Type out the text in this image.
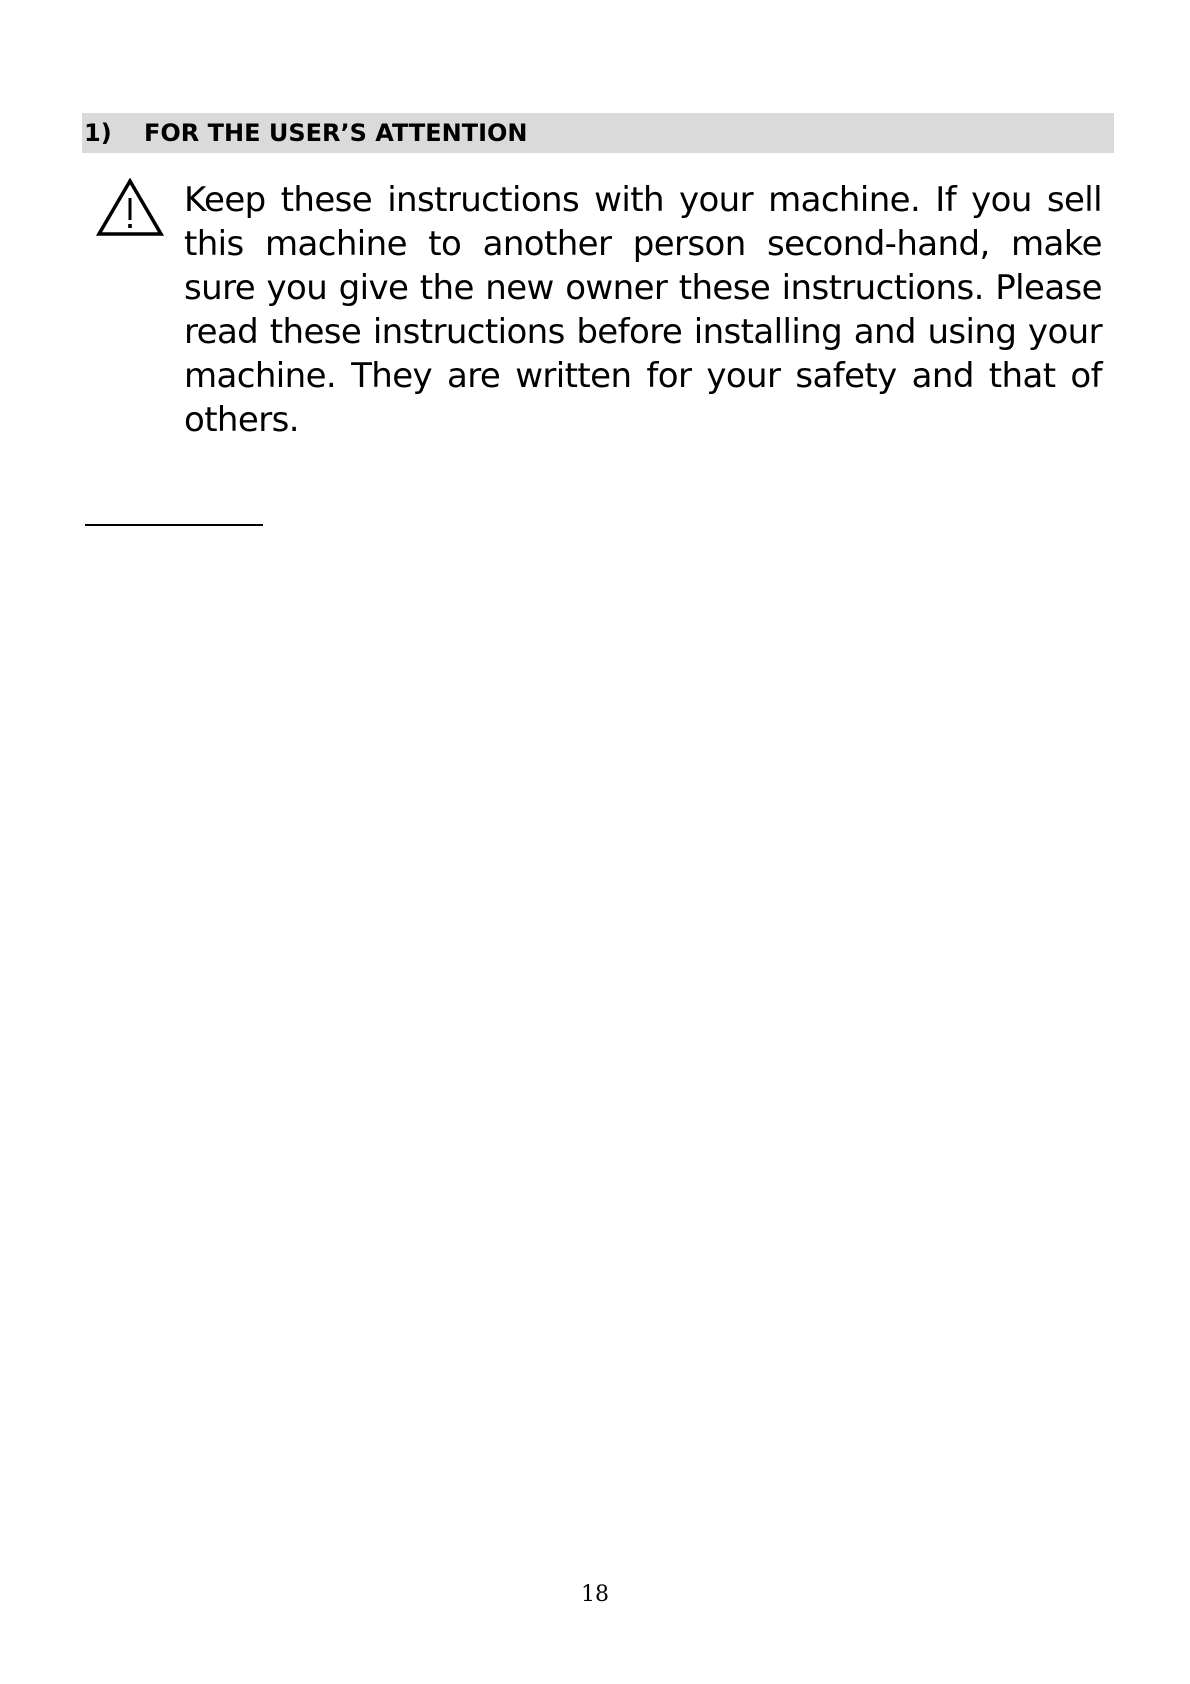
1)	FOR THE USER’S ATTENTION

Keep these instructions with your machine. If you sell this machine to another person second-hand, make sure you give the new owner these instructions. Please read these instructions before installing and using your machine. They are written for your safety and that of others.

18
